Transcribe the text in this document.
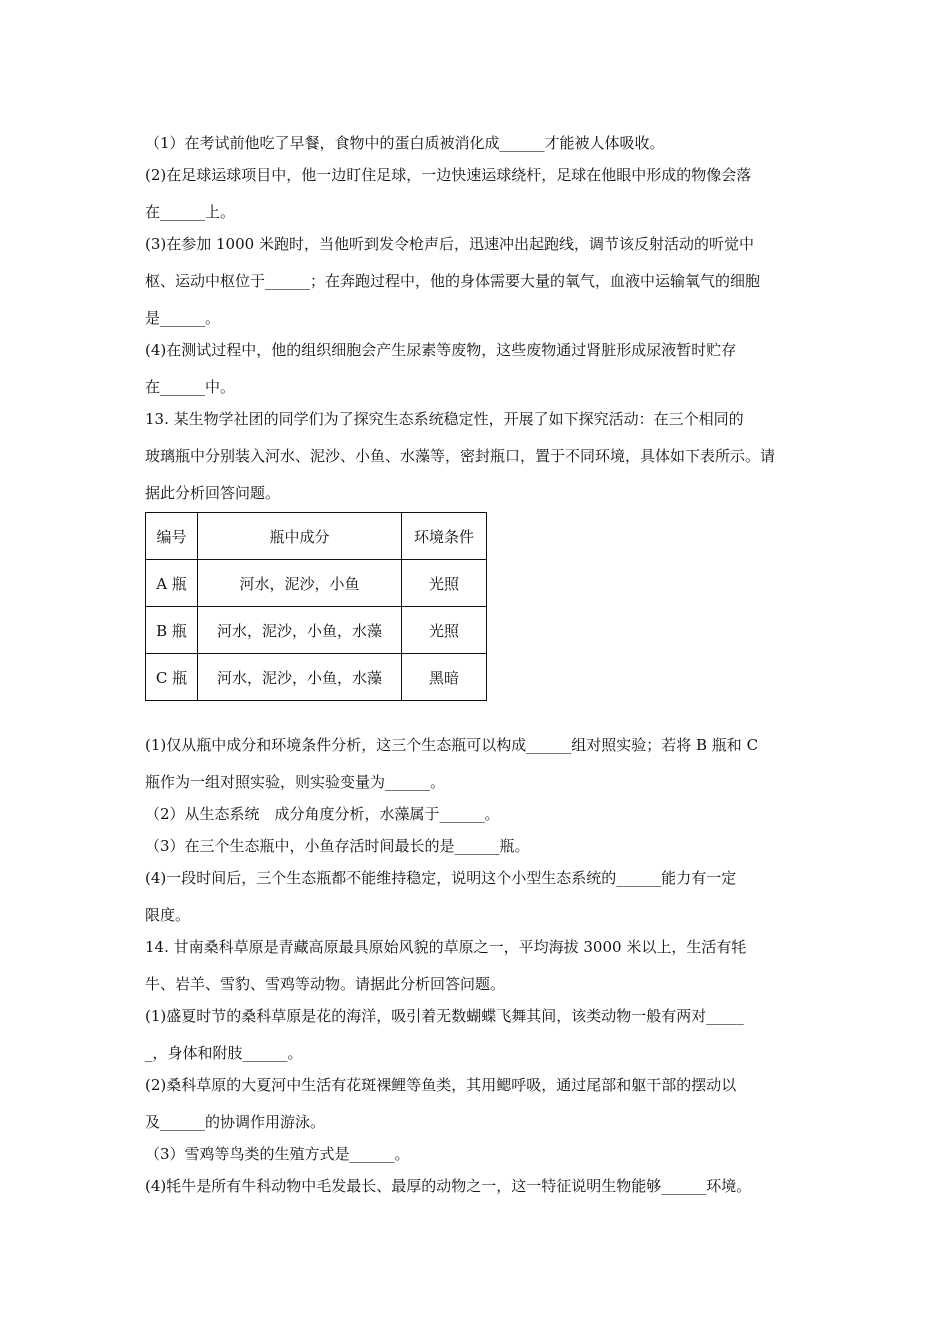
（1）在考试前他吃了早餐，食物中的蛋白质被消化成______才能被人体吸收。

(2)在足球运球项目中，他一边盯住足球，一边快速运球绕杆，足球在他眼中形成的物像会落

在______上。

(3)在参加 1000 米跑时，当他听到发令枪声后，迅速冲出起跑线，调节该反射活动的听觉中

枢、运动中枢位于______；在奔跑过程中，他的身体需要大量的氧气，血液中运输氧气的细胞

是______。

(4)在测试过程中，他的组织细胞会产生尿素等废物，这些废物通过肾脏形成尿液暂时贮存

在______中。

13. 某生物学社团的同学们为了探究生态系统稳定性，开展了如下探究活动：在三个相同的

玻璃瓶中分别装入河水、泥沙、小鱼、水藻等，密封瓶口，置于不同环境，具体如下表所示。请

据此分析回答问题。

编号	瓶中成分	环境条件
A 瓶	河水，泥沙，小鱼	光照
B 瓶	河水，泥沙，小鱼，水藻	光照
C 瓶	河水，泥沙，小鱼，水藻	黑暗

(1)仅从瓶中成分和环境条件分析，这三个生态瓶可以构成______组对照实验；若将 B 瓶和 C

瓶作为一组对照实验，则实验变量为______。

（2）从生态系统　成分角度分析，水藻属于______。

（3）在三个生态瓶中，小鱼存活时间最长的是______瓶。

(4)一段时间后，三个生态瓶都不能维持稳定，说明这个小型生态系统的______能力有一定

限度。

14. 甘南桑科草原是青藏高原最具原始风貌的草原之一，平均海拔 3000 米以上，生活有牦

牛、岩羊、雪豹、雪鸡等动物。请据此分析回答问题。

(1)盛夏时节的桑科草原是花的海洋，吸引着无数蝴蝶飞舞其间，该类动物一般有两对_____

_，身体和附肢______。

(2)桑科草原的大夏河中生活有花斑裸鲤等鱼类，其用鳃呼吸，通过尾部和躯干部的摆动以

及______的协调作用游泳。

（3）雪鸡等鸟类的生殖方式是______。

(4)牦牛是所有牛科动物中毛发最长、最厚的动物之一，这一特征说明生物能够______环境。
